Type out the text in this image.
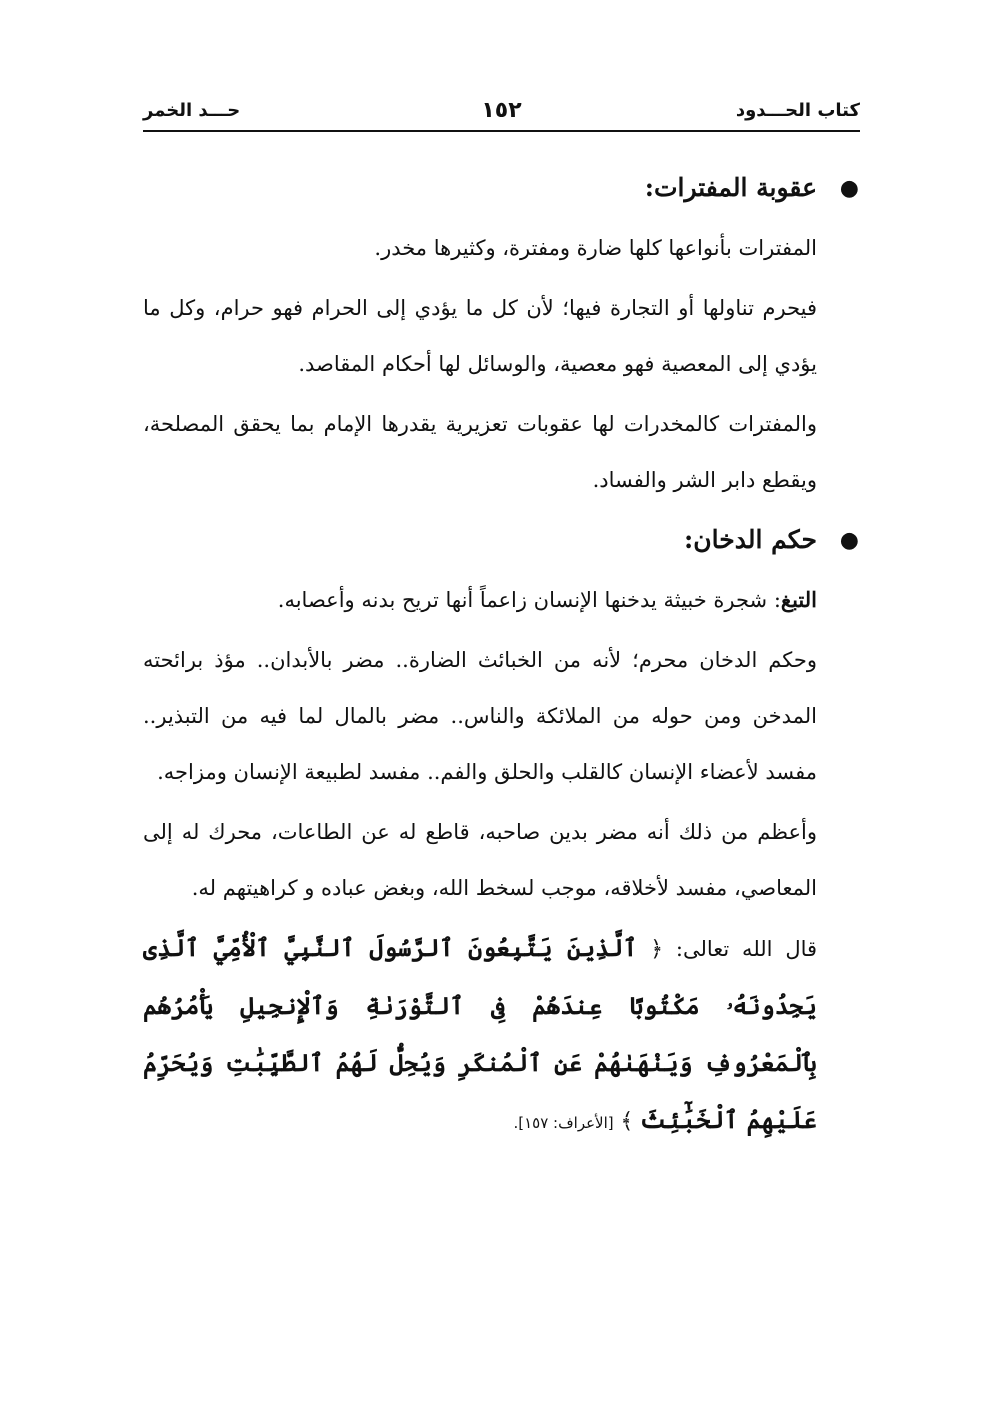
كتاب الحـــدود
١٥٢
حـــد الخمر
●
عقوبة المفترات:

المفترات بأنواعها كلها ضارة ومفترة، وكثيرها مخدر.

فيحرم تناولها أو التجارة فيها؛ لأن كل ما يؤدي إلى الحرام فهو حرام، وكل ما يؤدي إلى المعصية فهو معصية، والوسائل لها أحكام المقاصد.

والمفترات كالمخدرات لها عقوبات تعزيرية يقدرها الإمام بما يحقق المصلحة، ويقطع دابر الشر والفساد.

●
حكم الدخان:

التبغ: شجرة خبيثة يدخنها الإنسان زاعماً أنها تريح بدنه وأعصابه.

وحكم الدخان محرم؛ لأنه من الخبائث الضارة.. مضر بالأبدان.. مؤذ برائحته المدخن ومن حوله من الملائكة والناس.. مضر بالمال لما فيه من التبذير.. مفسد لأعضاء الإنسان كالقلب والحلق والفم.. مفسد لطبيعة الإنسان ومزاجه.

وأعظم من ذلك أنه مضر بدين صاحبه، قاطع له عن الطاعات، محرك له إلى المعاصي، مفسد لأخلاقه، موجب لسخط الله، وبغض عباده و كراهيتهم له.

قال الله تعالى: ﴿ ٱلَّذِينَ يَتَّبِعُونَ ٱلرَّسُولَ ٱلنَّبِيَّ ٱلْأُمِّيَّ ٱلَّذِى يَجِدُونَهُۥ مَكْتُوبًا عِندَهُمْ فِى ٱلتَّوْرَىٰةِ وَٱلْإِنجِيلِ يَأْمُرُهُم بِٱلْمَعْرُوفِ وَيَنْهَىٰهُمْ عَنِ ٱلْمُنكَرِ وَيُحِلُّ لَهُمُ ٱلطَّيِّبَٰتِ وَيُحَرِّمُ عَلَيْهِمُ ٱلْخَبَٰٓئِثَ ﴾ [الأعراف: ١٥٧].
